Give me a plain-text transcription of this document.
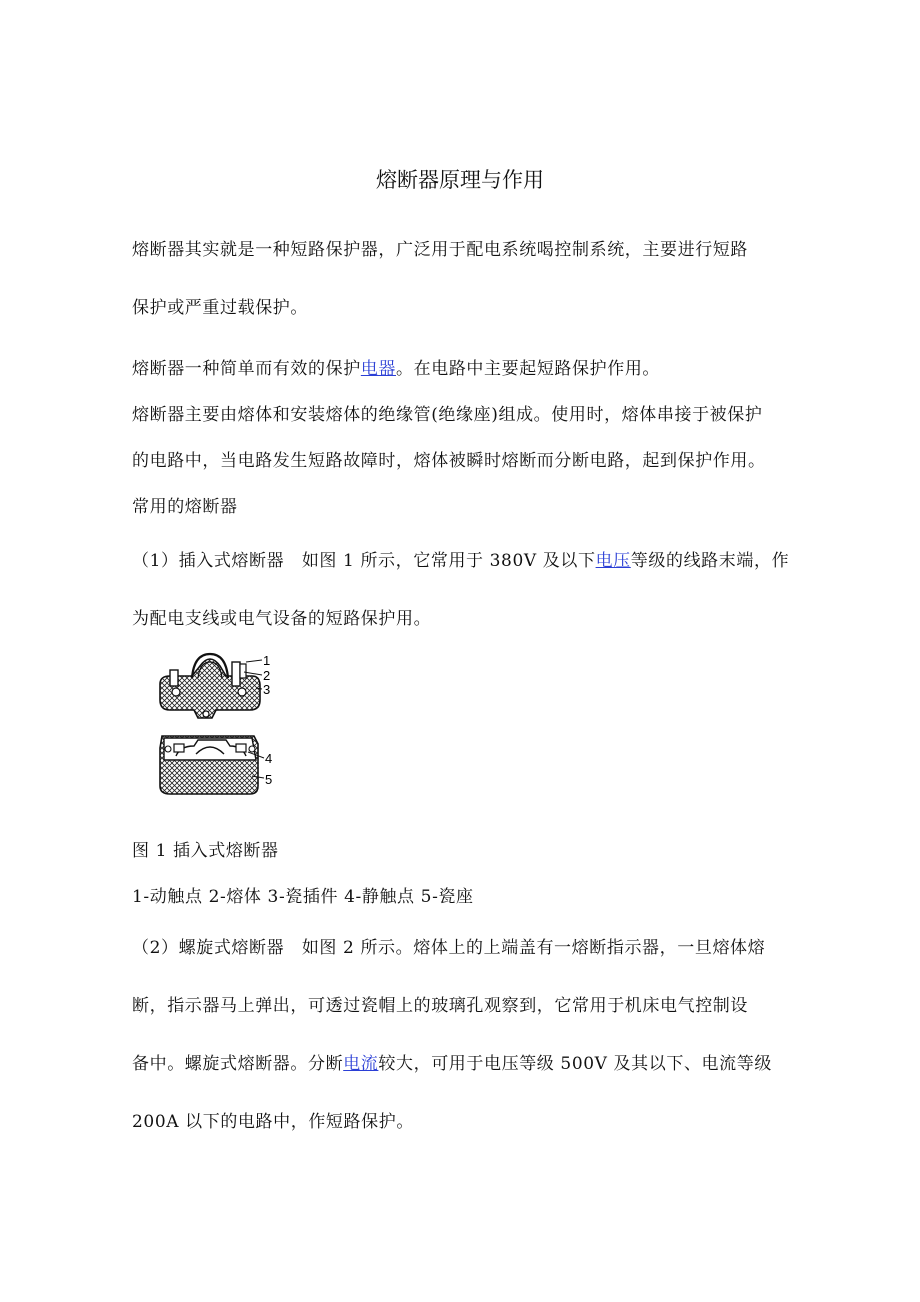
熔断器原理与作用
熔断器其实就是一种短路保护器，广泛用于配电系统喝控制系统，主要进行短路
保护或严重过载保护。
熔断器一种简单而有效的保护电器。在电路中主要起短路保护作用。
熔断器主要由熔体和安装熔体的绝缘管(绝缘座)组成。使用时，熔体串接于被保护
的电路中，当电路发生短路故障时，熔体被瞬时熔断而分断电路，起到保护作用。
常用的熔断器
（1）插入式熔断器　如图 1 所示，它常用于 380V 及以下电压等级的线路末端，作
为配电支线或电气设备的短路保护用。
1
2
3
4
5
图 1 插入式熔断器
1-动触点 2-熔体 3-瓷插件 4-静触点 5-瓷座
（2）螺旋式熔断器　如图 2 所示。熔体上的上端盖有一熔断指示器，一旦熔体熔
断，指示器马上弹出，可透过瓷帽上的玻璃孔观察到，它常用于机床电气控制设
备中。螺旋式熔断器。分断电流较大，可用于电压等级 500V 及其以下、电流等级
200A 以下的电路中，作短路保护。
